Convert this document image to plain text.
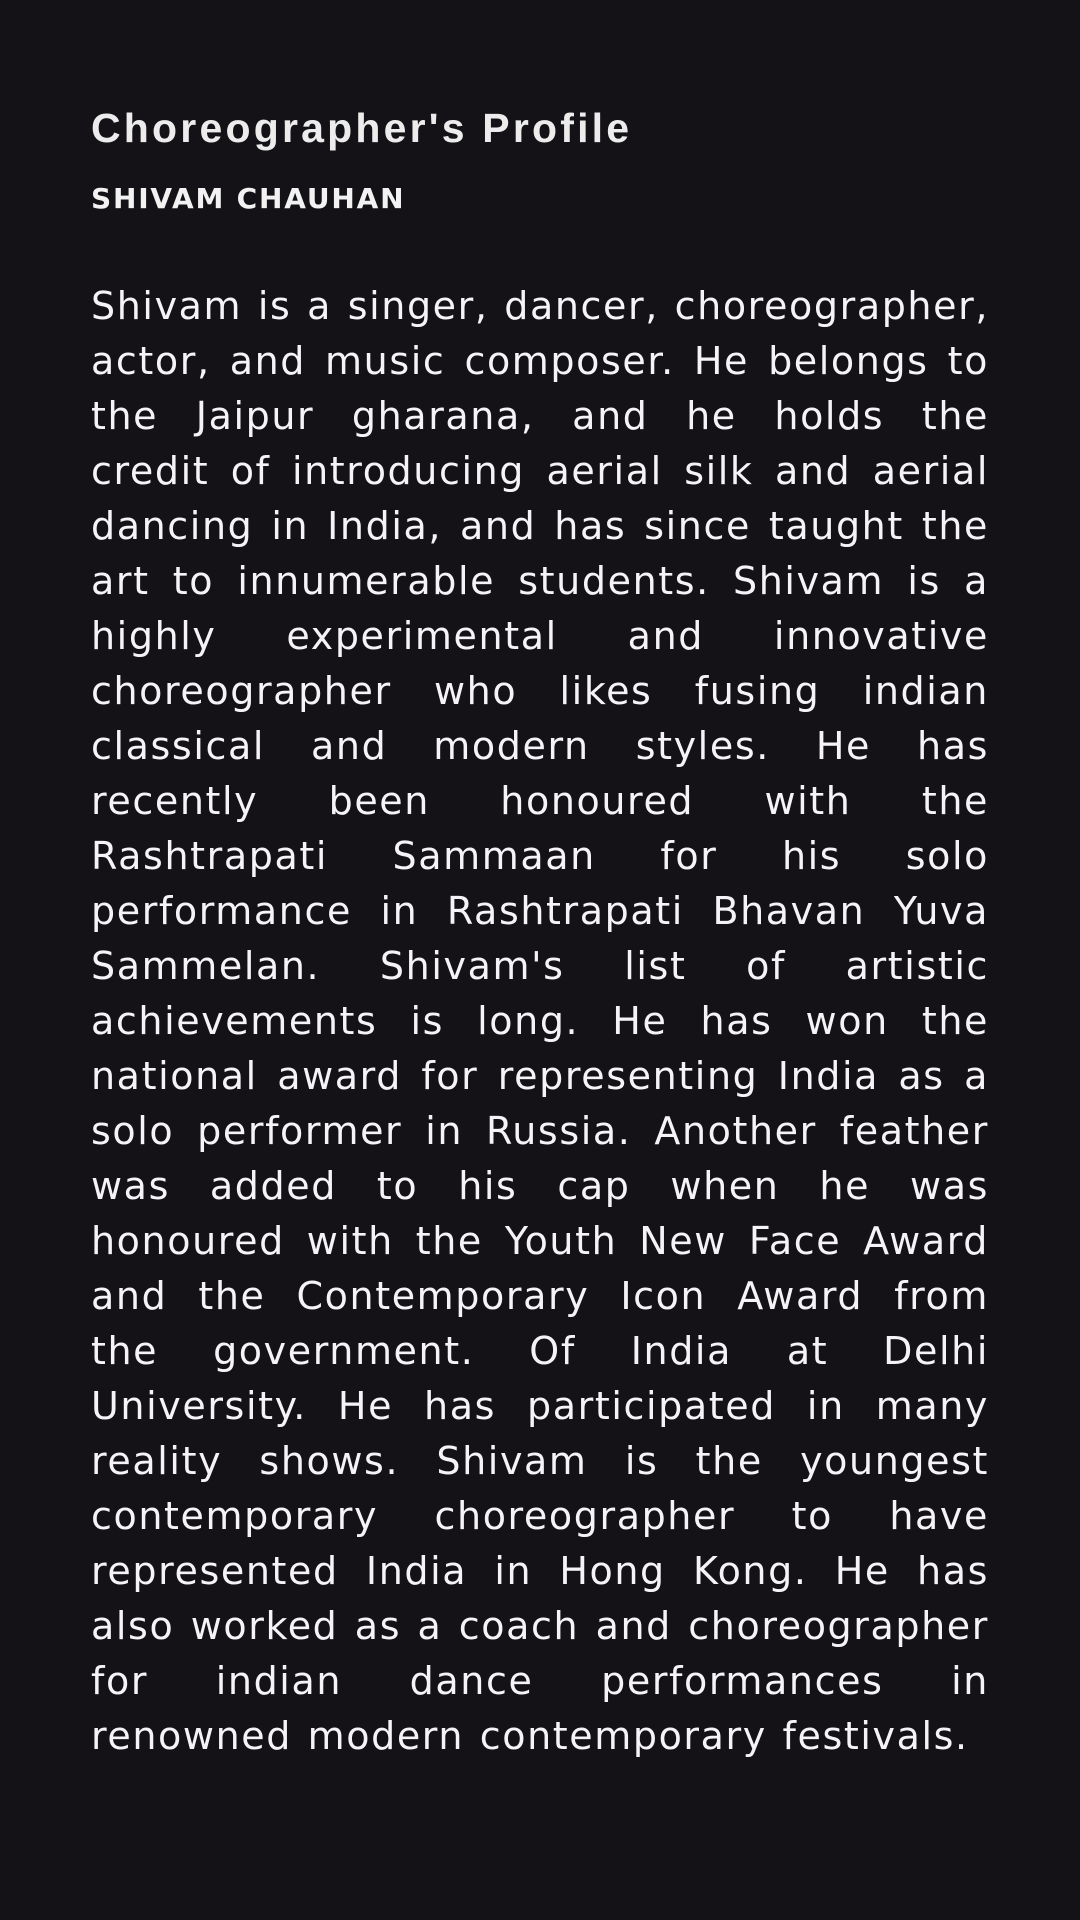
Choreographer's Profile
SHIVAM CHAUHAN

Shivam is a singer, dancer, choreographer, actor, and music composer. He belongs to the Jaipur gharana, and he holds the credit of introducing aerial silk and aerial dancing in India, and has since taught the art to innumerable students. Shivam is a highly experimental and innovative choreographer who likes fusing indian classical and modern styles. He has recently been honoured with the Rashtrapati Sammaan for his solo performance in Rashtrapati Bhavan Yuva Sammelan. Shivam's list of artistic achievements is long. He has won the national award for representing India as a solo performer in Russia. Another feather was added to his cap when he was honoured with the Youth New Face Award and the Contemporary Icon Award from the government. Of India at Delhi University. He has participated in many reality shows. Shivam is the youngest contemporary choreographer to have represented India in Hong Kong. He has also worked as a coach and choreographer for indian dance performances in renowned modern contemporary festivals.
